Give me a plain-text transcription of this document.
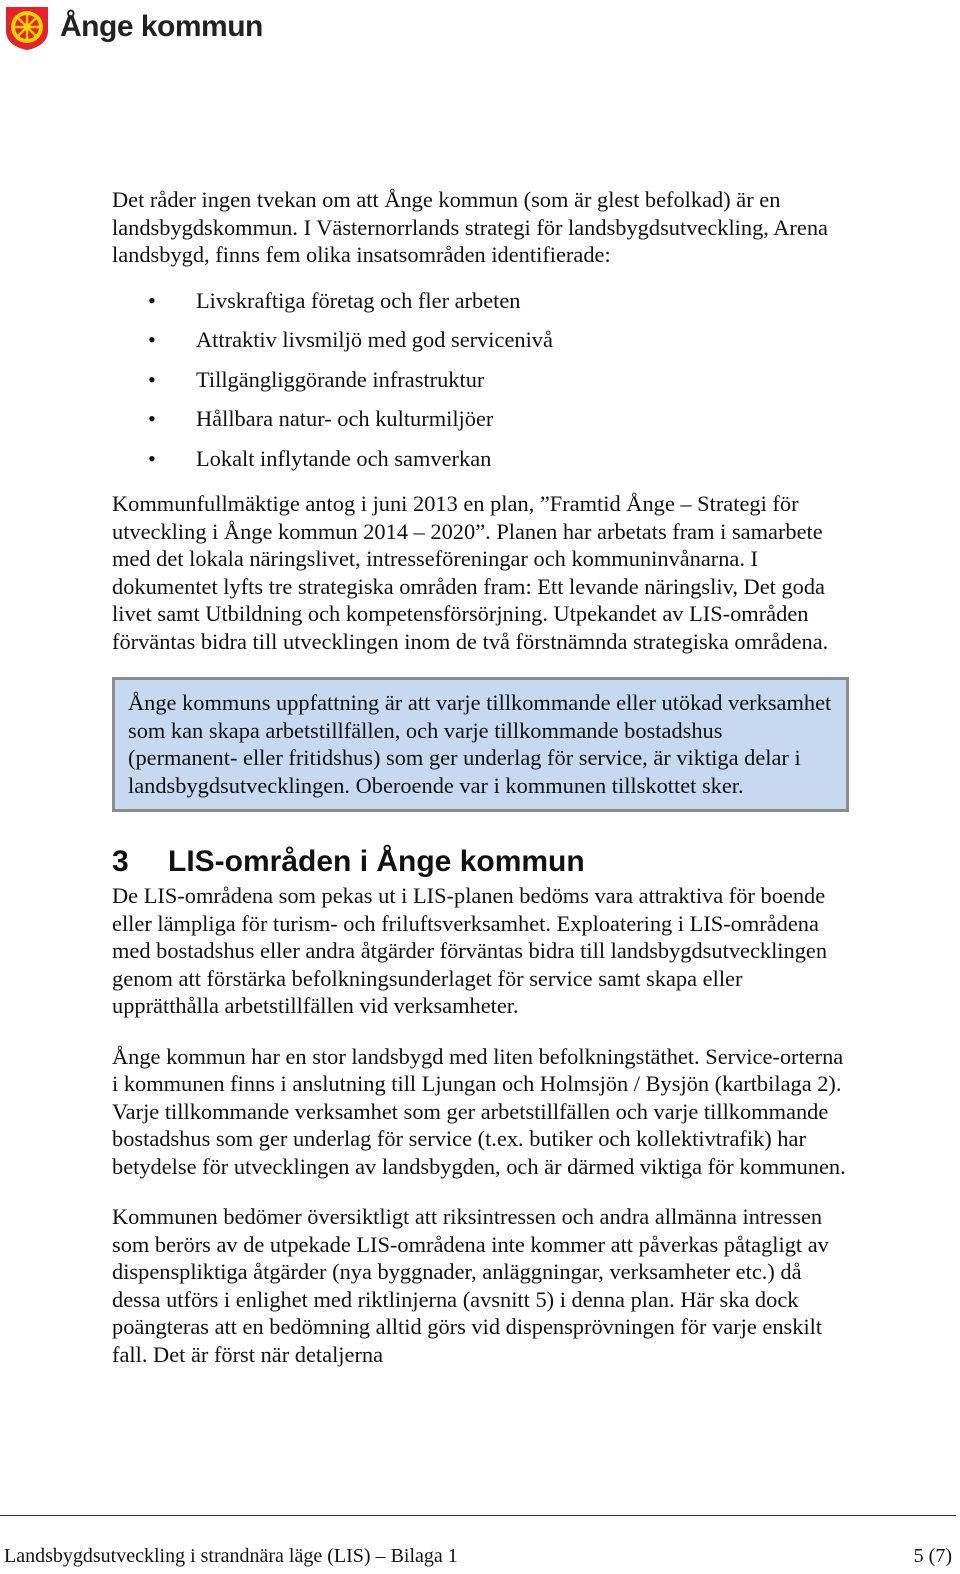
Ånge kommun

Det råder ingen tvekan om att Ånge kommun (som är glest befolkad) är en landsbygdskommun. I Västernorrlands strategi för landsbygdsutveckling, Arena landsbygd, finns fem olika insatsområden identifierade:

• Livskraftiga företag och fler arbeten
• Attraktiv livsmiljö med god servicenivå
• Tillgängliggörande infrastruktur
• Hållbara natur- och kulturmiljöer
• Lokalt inflytande och samverkan

Kommunfullmäktige antog i juni 2013 en plan, ”Framtid Ånge – Strategi för utveckling i Ånge kommun 2014 – 2020”. Planen har arbetats fram i samarbete med det lokala näringslivet, intresseföreningar och kommuninvånarna. I dokumentet lyfts tre strategiska områden fram: Ett levande näringsliv, Det goda livet samt Utbildning och kompetensförsörjning. Utpekandet av LIS-områden förväntas bidra till utvecklingen inom de två förstnämnda strategiska områdena.

Ånge kommuns uppfattning är att varje tillkommande eller utökad verksamhet som kan skapa arbetstillfällen, och varje tillkommande bostadshus (permanent- eller fritidshus) som ger underlag för service, är viktiga delar i landsbygdsutvecklingen. Oberoende var i kommunen tillskottet sker.

3	LIS-områden i Ånge kommun

De LIS-områdena som pekas ut i LIS-planen bedöms vara attraktiva för boende eller lämpliga för turism- och friluftsverksamhet. Exploatering i LIS-områdena med bostadshus eller andra åtgärder förväntas bidra till landsbygdsutvecklingen genom att förstärka befolkningsunderlaget för service samt skapa eller upprätthålla arbetstillfällen vid verksamheter.

Ånge kommun har en stor landsbygd med liten befolkningstäthet. Service-orterna i kommunen finns i anslutning till Ljungan och Holmsjön / Bysjön (kartbilaga 2). Varje tillkommande verksamhet som ger arbetstillfällen och varje tillkommande bostadshus som ger underlag för service (t.ex. butiker och kollektivtrafik) har betydelse för utvecklingen av landsbygden, och är därmed viktiga för kommunen.

Kommunen bedömer översiktligt att riksintressen och andra allmänna intressen som berörs av de utpekade LIS-områdena inte kommer att påverkas påtagligt av dispenspliktiga åtgärder (nya byggnader, anläggningar, verksamheter etc.) då dessa utförs i enlighet med riktlinjerna (avsnitt 5) i denna plan. Här ska dock poängteras att en bedömning alltid görs vid dispensprövningen för varje enskilt fall. Det är först när detaljerna

Landsbygdsutveckling i strandnära läge (LIS) – Bilaga 1	5 (7)
